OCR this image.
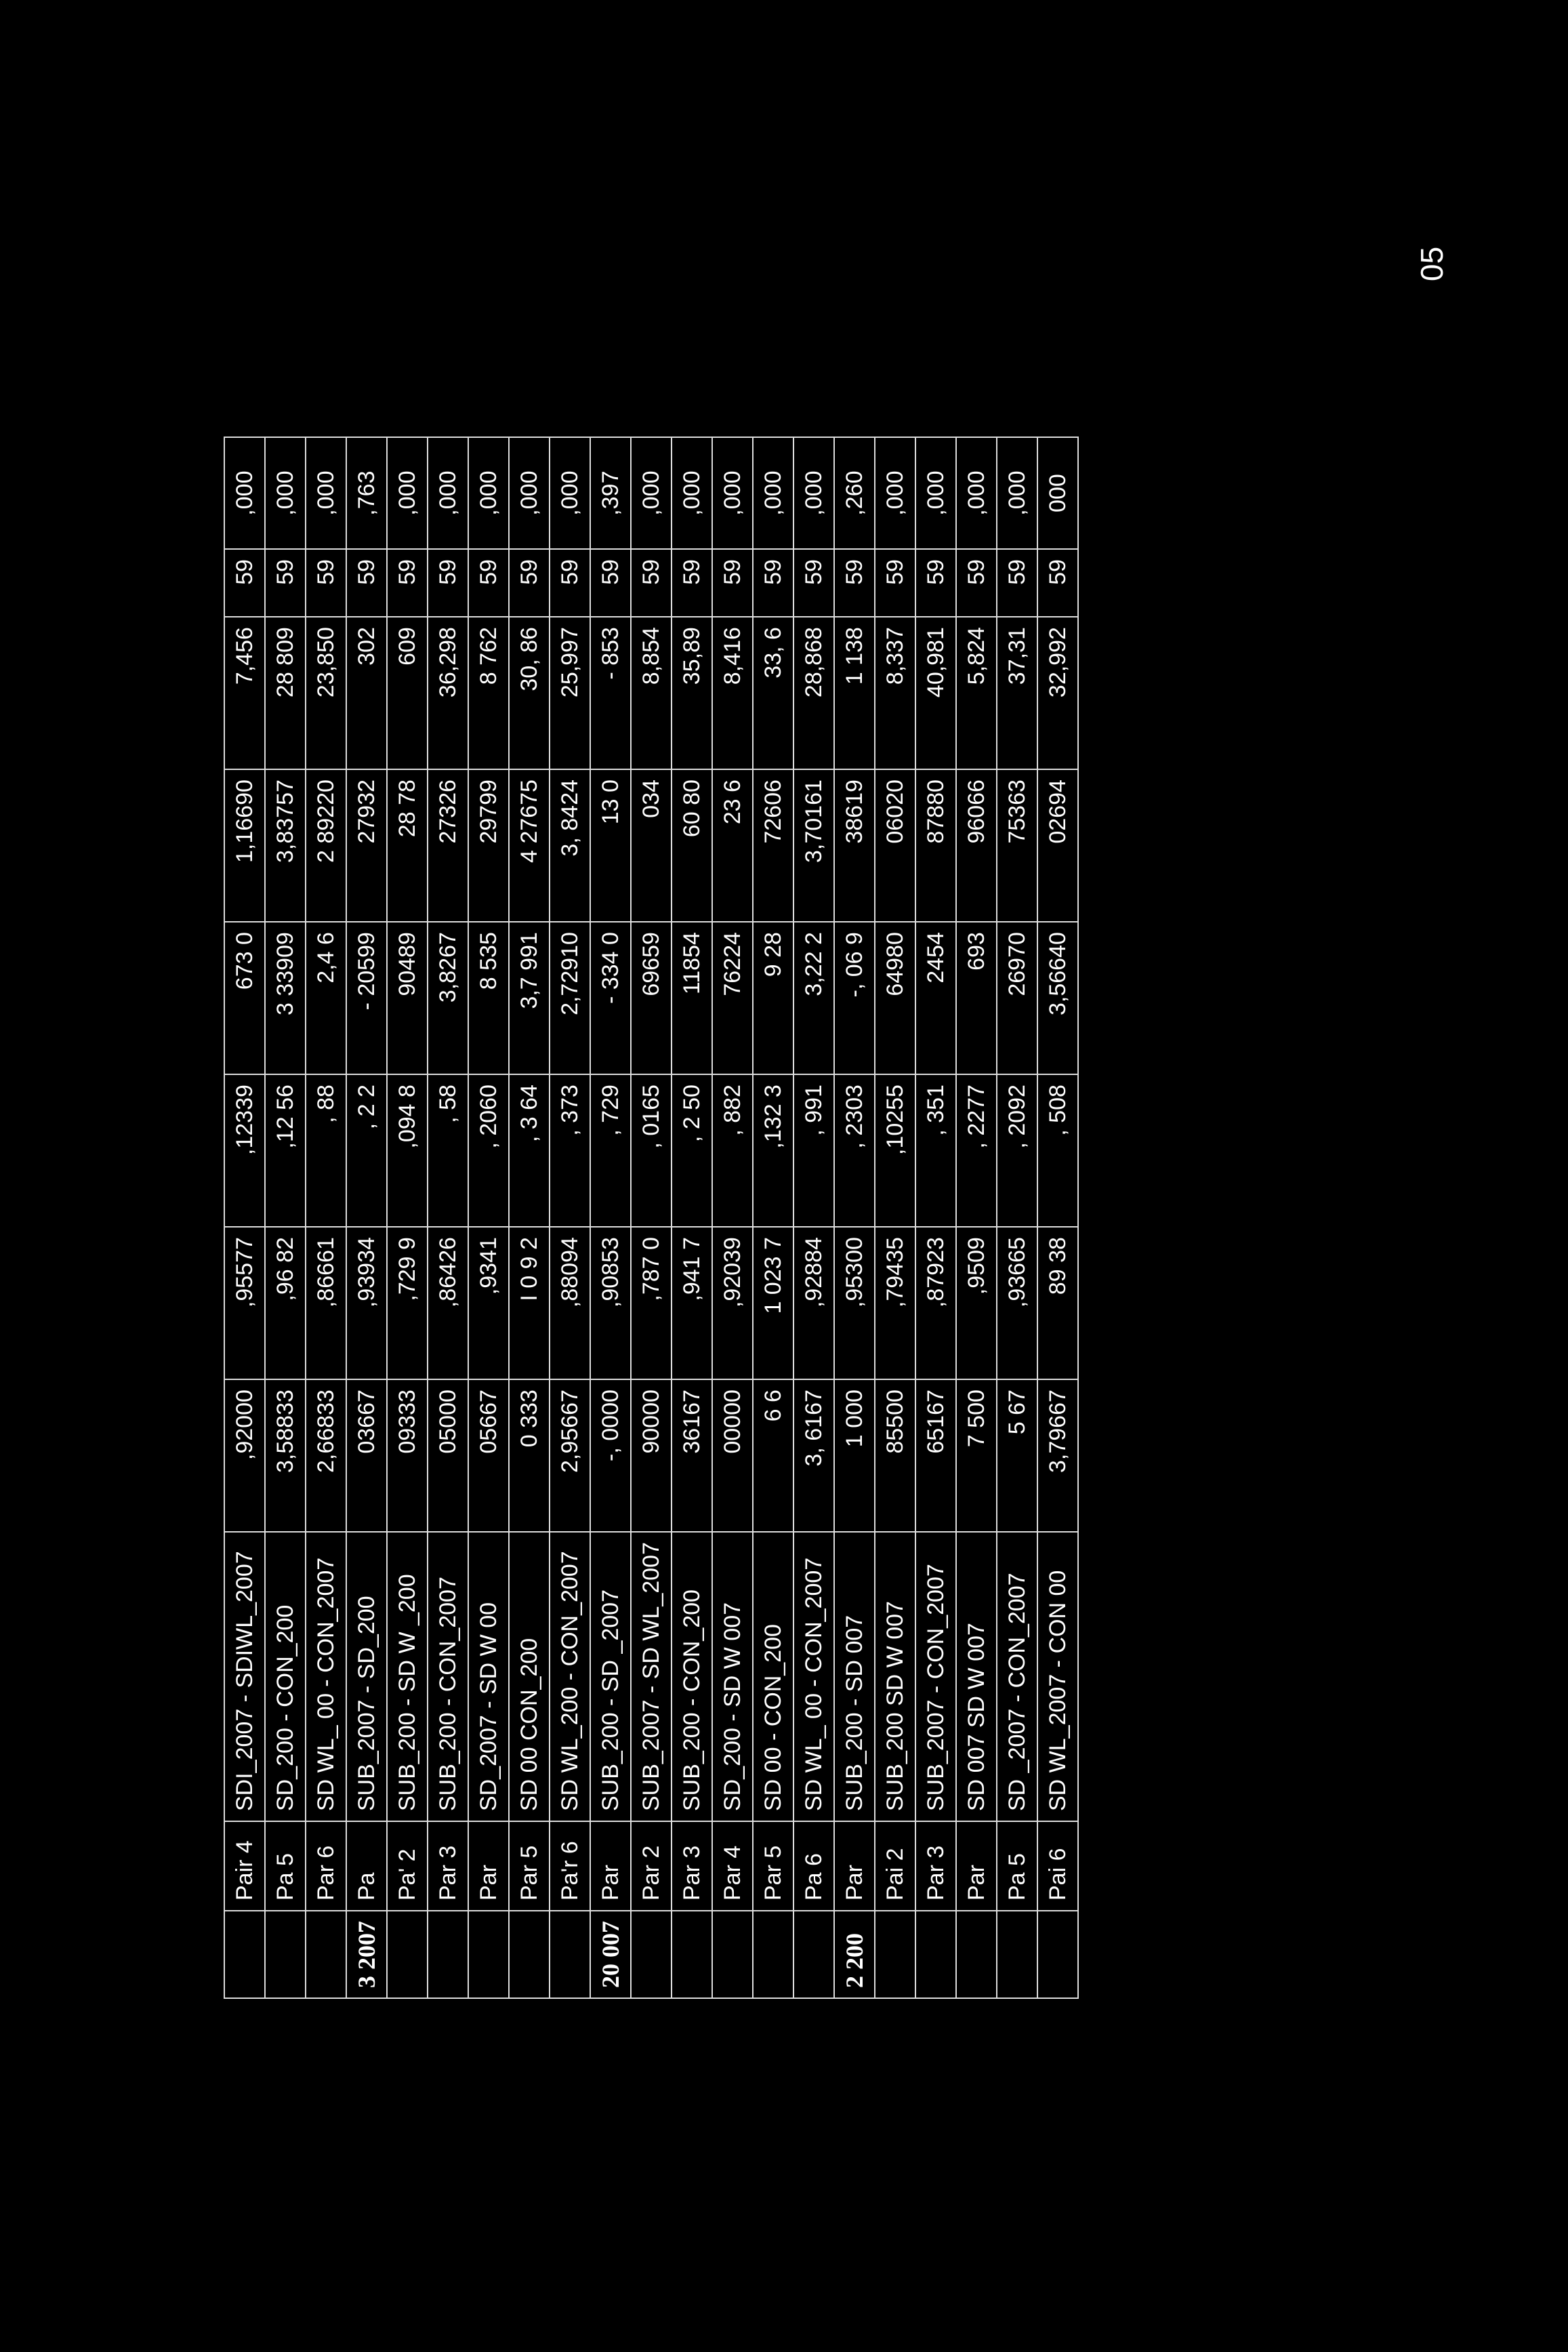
	Pair 4	SDI_2007 - SDIWL_2007	,92000	,95577	,12339	673 0	1,16690	7,456	59	,000
	Pa 5	SD_200 - CON_200	3,58833	,96 82	,12 56	3 33909	3,83757	28 809	59	,000
	Par 6	SD WL_ 00 - CON_2007	2,66833	,86661	, 88	2,4 6	2 89220	23,850	59	,000
3 2007	Pa	SUB_2007 - SD_200	03667	,93934	, 2 2	- 20599	27932	302	59	,763
	Pa' 2	SUB_200 - SD W _200	09333	,729 9	,094 8	90489	28 78	609	59	,000
	Par 3	SUB_200 - CON_2007	05000	,86426	, 58	3,8267	27326	36,298	59	,000
	Par	SD_2007 - SD W 00	05667	,9341	, 2060	8 535	29799	8 762	59	,000
	Par 5	SD 00 CON_200	0 333	I 0 9 2	, 3 64	3,7 991	4 27675	30, 86	59	,000
	Pa'r 6	SD WL_200 - CON_2007	2,95667	,88094	, 373	2,72910	3, 8424	25,997	59	,000
20 007	Par	SUB_200 - SD _2007	-, 0000	,90853	, 729	- 334 0	13 0	- 853	59	,397
	Par 2	SUB_2007 - SD WL_2007	90000	,787 0	, 0165	69659	034	8,854	59	,000
	Par 3	SUB_200 - CON_200	36167	,941 7	, 2 50	11854	60 80	35,89	59	,000
	Par 4	SD_200 - SD W 007	00000	,92039	, 882	76224	23 6	8,416	59	,000
	Par 5	SD 00 - CON_200	6 6	1 023 7	,132 3	9 28	72606	33, 6	59	,000
	Pa 6	SD WL_ 00 - CON_2007	3, 6167	,92884	, 991	3,22 2	3,70161	28,868	59	,000
2 200	Par	SUB_200 - SD 007	1 000	,95300	, 2303	-, 06 9	38619	1 138	59	,260
	Pai 2	SUB_200 SD W 007	85500	,79435	,10255	64980	06020	8,337	59	,000
	Par 3	SUB_2007 - CON_2007	65167	,87923	, 351	2454	87880	40,981	59	,000
	Par	SD 007 SD W 007	7 500	,9509	, 2277	693	96066	5,824	59	,000
	Pa 5	SD _2007 - CON_2007	5 67	,93665	, 2092	26970	75363	37,31	59	,000
	Pai 6	SD WL_2007 - CON 00	3,79667	89 38	, 508	3,56640	02694	32,992	59	000
05
